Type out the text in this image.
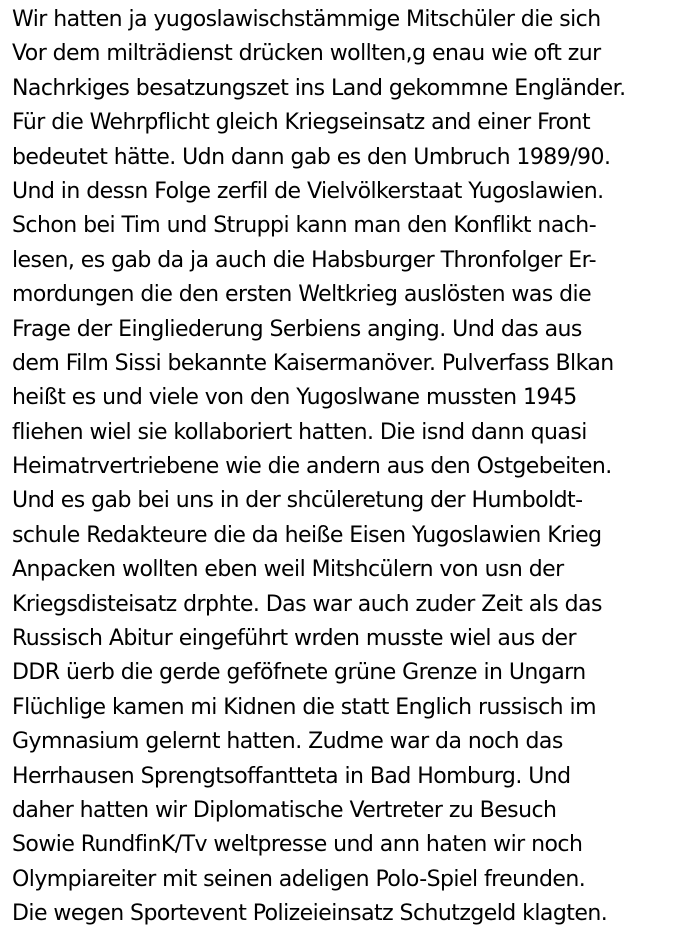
Wir hatten ja yugoslawischstämmige Mitschüler die sich
Vor dem milträdienst drücken wollten,g enau wie oft zur
Nachrkiges besatzungszet ins Land gekommne Engländer.
Für die Wehrpflicht gleich Kriegseinsatz and einer Front
bedeutet hätte. Udn dann gab es den Umbruch 1989/90.
Und in dessn Folge zerfil de Vielvölkerstaat Yugoslawien.
Schon bei Tim und Struppi kann man den Konflikt nach-
lesen, es gab da ja auch die Habsburger Thronfolger Er-
mordungen die den ersten Weltkrieg auslösten was die
Frage der Eingliederung Serbiens anging. Und das aus
dem Film Sissi bekannte Kaisermanöver. Pulverfass Blkan
heißt es und viele von den Yugoslwane mussten 1945
fliehen wiel sie kollaboriert hatten. Die isnd dann quasi
Heimatrvertriebene wie die andern aus den Ostgebeiten.
Und es gab bei uns in der shcüleretung der Humboldt-
schule Redakteure die da heiße Eisen Yugoslawien Krieg
Anpacken wollten eben weil Mitshcülern von usn der
Kriegsdisteisatz drphte. Das war auch zuder Zeit als das
Russisch Abitur eingeführt wrden musste wiel aus der
DDR üerb die gerde geföfnete grüne Grenze in Ungarn
Flüchlige kamen mi Kidnen die statt Englich russisch im
Gymnasium gelernt hatten. Zudme war da noch das
Herrhausen Sprengtsoffantteta in Bad Homburg. Und
daher hatten wir Diplomatische Vertreter zu Besuch
Sowie RundfinK/Tv weltpresse und ann haten wir noch
Olympiareiter mit seinen adeligen Polo-Spiel freunden.
Die wegen Sportevent Polizeieinsatz Schutzgeld klagten.
